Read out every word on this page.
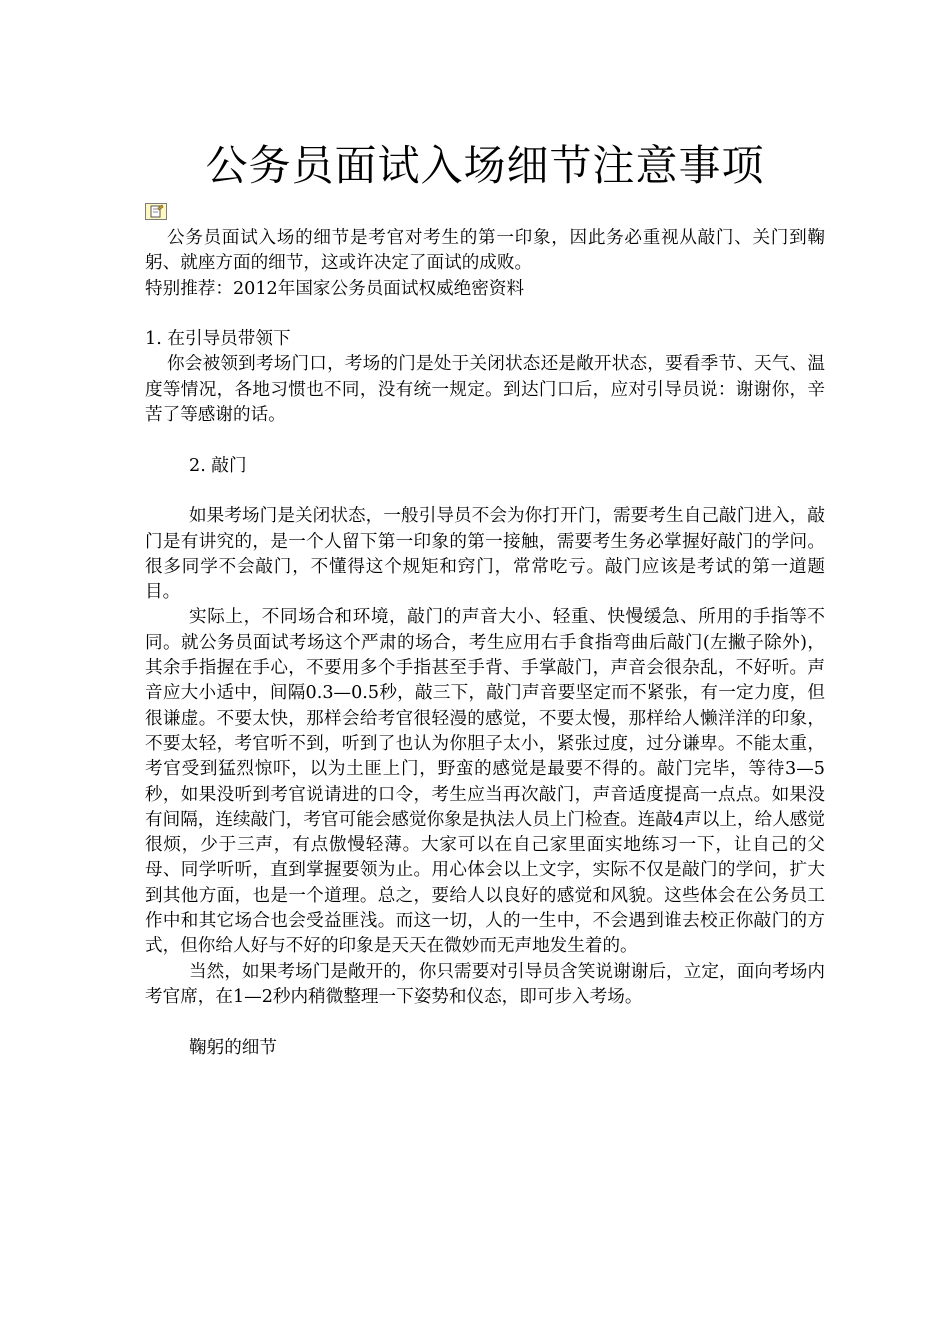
公务员面试入场细节注意事项

公务员面试入场的细节是考官对考生的第一印象，因此务必重视从敲门、关门到鞠躬、就座方面的细节，这或许决定了面试的成败。

特别推荐：2012年国家公务员面试权威绝密资料

1. 在引导员带领下

你会被领到考场门口，考场的门是处于关闭状态还是敞开状态，要看季节、天气、温度等情况，各地习惯也不同，没有统一规定。到达门口后，应对引导员说：谢谢你，辛苦了等感谢的话。

2. 敲门

如果考场门是关闭状态，一般引导员不会为你打开门，需要考生自己敲门进入，敲门是有讲究的，是一个人留下第一印象的第一接触，需要考生务必掌握好敲门的学问。很多同学不会敲门，不懂得这个规矩和窍门，常常吃亏。敲门应该是考试的第一道题目。

实际上，不同场合和环境，敲门的声音大小、轻重、快慢缓急、所用的手指等不同。就公务员面试考场这个严肃的场合，考生应用右手食指弯曲后敲门(左撇子除外)，其余手指握在手心，不要用多个手指甚至手背、手掌敲门，声音会很杂乱，不好听。声音应大小适中，间隔0.3—0.5秒，敲三下，敲门声音要坚定而不紧张，有一定力度，但很谦虚。不要太快，那样会给考官很轻漫的感觉，不要太慢，那样给人懒洋洋的印象，不要太轻，考官听不到，听到了也认为你胆子太小，紧张过度，过分谦卑。不能太重，考官受到猛烈惊吓，以为土匪上门，野蛮的感觉是最要不得的。敲门完毕，等待3—5秒，如果没听到考官说请进的口令，考生应当再次敲门，声音适度提高一点点。如果没有间隔，连续敲门，考官可能会感觉你象是执法人员上门检查。连敲4声以上，给人感觉很烦，少于三声，有点傲慢轻薄。大家可以在自己家里面实地练习一下，让自己的父母、同学听听，直到掌握要领为止。用心体会以上文字，实际不仅是敲门的学问，扩大到其他方面，也是一个道理。总之，要给人以良好的感觉和风貌。这些体会在公务员工作中和其它场合也会受益匪浅。而这一切，人的一生中，不会遇到谁去校正你敲门的方式，但你给人好与不好的印象是天天在微妙而无声地发生着的。

当然，如果考场门是敞开的，你只需要对引导员含笑说谢谢后，立定，面向考场内考官席，在1—2秒内稍微整理一下姿势和仪态，即可步入考场。

鞠躬的细节
